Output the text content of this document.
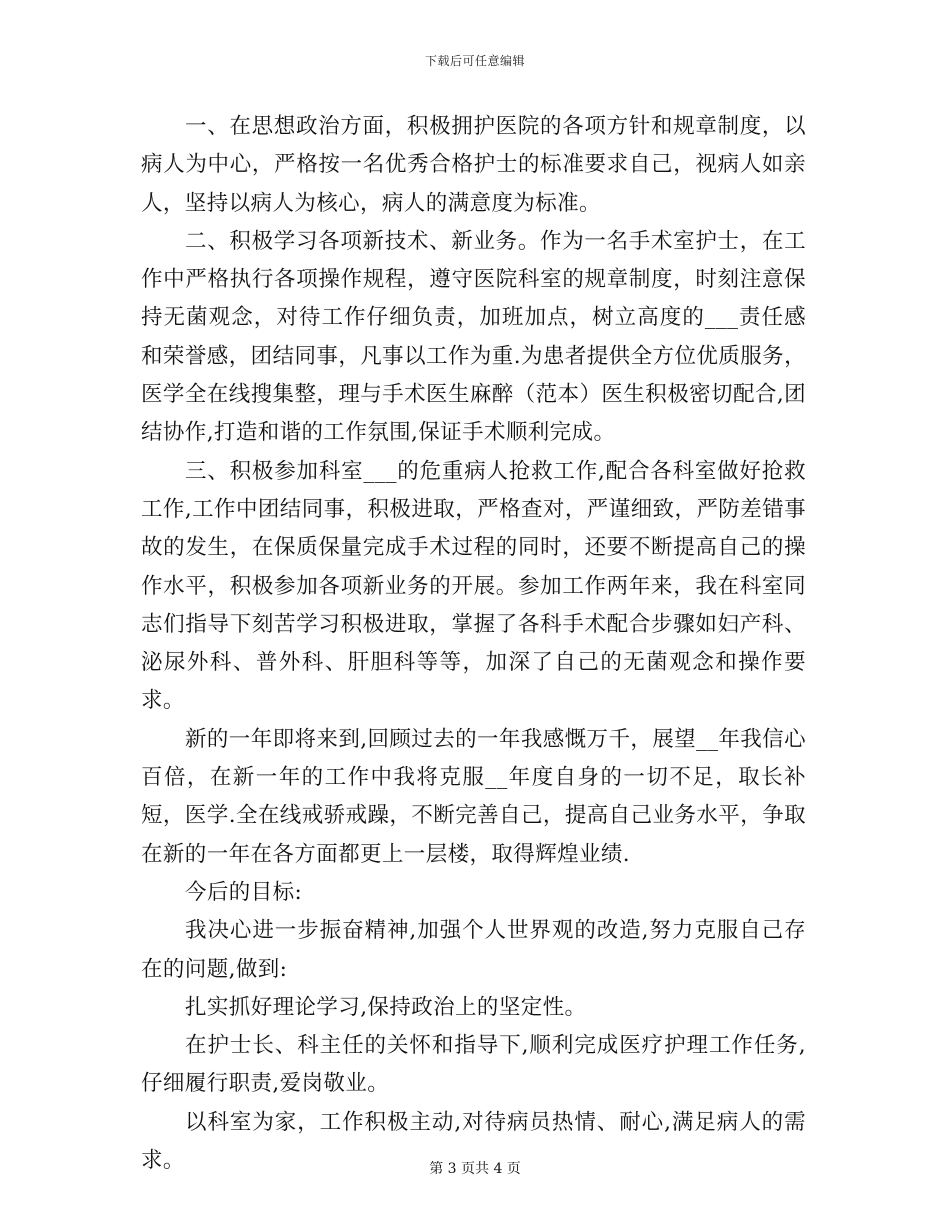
下载后可任意编辑

一、在思想政治方面，积极拥护医院的各项方针和规章制度，以病人为中心，严格按一名优秀合格护士的标准要求自己，视病人如亲人，坚持以病人为核心，病人的满意度为标准。

二、积极学习各项新技术、新业务。作为一名手术室护士，在工作中严格执行各项操作规程，遵守医院科室的规章制度，时刻注意保持无菌观念，对待工作仔细负责，加班加点，树立高度的___责任感和荣誉感，团结同事，凡事以工作为重.为患者提供全方位优质服务，医学全在线搜集整，理与手术医生麻醉（范本）医生积极密切配合,团结协作,打造和谐的工作氛围,保证手术顺利完成。

三、积极参加科室___的危重病人抢救工作,配合各科室做好抢救工作,工作中团结同事，积极进取，严格查对，严谨细致，严防差错事故的发生，在保质保量完成手术过程的同时，还要不断提高自己的操作水平，积极参加各项新业务的开展。参加工作两年来，我在科室同志们指导下刻苦学习积极进取，掌握了各科手术配合步骤如妇产科、泌尿外科、普外科、肝胆科等等，加深了自己的无菌观念和操作要求。

新的一年即将来到,回顾过去的一年我感慨万千，展望__年我信心百倍，在新一年的工作中我将克服__年度自身的一切不足，取长补短，医学.全在线戒骄戒躁，不断完善自己，提高自己业务水平，争取在新的一年在各方面都更上一层楼，取得辉煌业绩.

今后的目标:

我决心进一步振奋精神,加强个人世界观的改造,努力克服自己存在的问题,做到:

扎实抓好理论学习,保持政治上的坚定性。

在护士长、科主任的关怀和指导下,顺利完成医疗护理工作任务,仔细履行职责,爱岗敬业。

以科室为家，工作积极主动,对待病员热情、耐心,满足病人的需求。	第 3 页共 4 页
